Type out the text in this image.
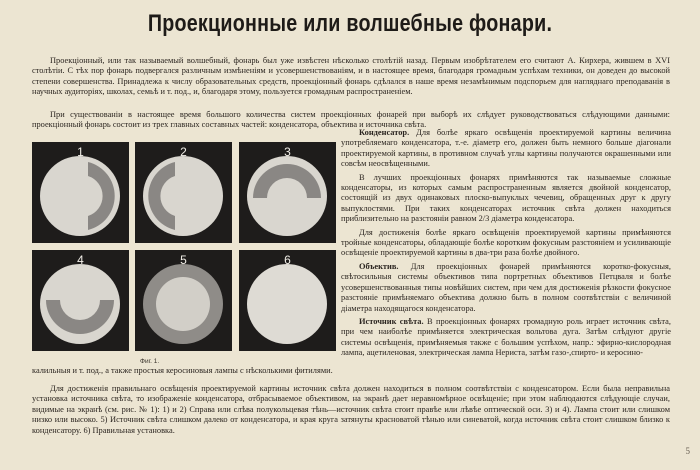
Проекционные или волшебные фонари.

Проекціонный, или так называемый волшебный, фонарь был уже извѣстен нѣсколько столѣтій назад. Первым изобрѣтателем его считают А. Кирхера, жившем в XVI столѣтіи. С тѣх пор фонарь подвергался различным измѣненіям и усовершенствованіям, и в настоящее время, благодаря громадным успѣхам техники, он доведен до высокой степени совершенства. Принадлежа к числу образовательных средств, проекціонный фонарь сдѣлался в наше время незамѣнимым подспорьем для нагляднаго преподаванія в научных аудиторіях, школах, семьѣ и т. под., и, благодаря этому, пользуется громадным распространеніем.

При существованіи в настоящее время большого количества систем проекціонных фонарей при выборѣ их слѣдует руководствоваться слѣдующими данными: проекціонный фонарь состоит из трех главных составных частей: конденсатора, объектива и источника свѣта.

1	2	3
4	5	6
Фиг. 1.

Конденсатор. Для болѣе яркаго освѣщенія проектируемой картины величина употребляемаго конденсатора, т.-е. діаметр его, должен быть немного больше діагонали проектируемой картины, в противном случаѣ углы картины получаются окрашенными или совсѣм неосвѣщенными.

В лучших проекціонных фонарях примѣняются так называемые сложные конденсаторы, из которых самым распространенным является двойной конденсатор, состоящій из двух одинаковых плоско-выпуклых чечевиц, обращенных друг к другу выпуклостями. При таких конденсаторах источник свѣта должен находиться приблизительно на разстояніи равном 2/3 діаметра конденсатора.

Для достиженія болѣе яркаго освѣщенія проектируемой картины примѣняются тройные конденсаторы, обладающіе болѣе коротким фокусным разстояніем и усиливающіе освѣщеніе проектируемой картины в два-три раза болѣе двойного.

Объектив. Для проекціонных фонарей примѣняются коротко-фокусныя, свѣтосильныя системы объективов типа портретных объективов Петцваля и болѣе усовершенствованныя типы новѣйших систем, при чем для достиженія рѣзкости фокусное разстояніе примѣняемаго объектива должно быть в полном соотвѣтствіи с величиной діаметра находящагося конденсатора.

Источник свѣта. В проекціонных фонарях громадную роль играет источник свѣта, при чем наиболѣе примѣняется электрическая вольтова дуга. Затѣм слѣдуют другіе системы освѣщенія, примѣняемыя также с большим успѣхом, напр.: эфирно-кислородная лампа, ацетиленовая, электрическая лампа Нериста, затѣм газо-,спирто- и керосино-

калильныя и т. под., а также простыя керосиновыя лампы с нѣсколькими фитилями.

Для достиженія правильнаго освѣщенія проектируемой картины источник свѣта должен находиться в полном соотвѣтствіи с конденсатором. Если была неправильна установка источника свѣта, то изображеніе конденсатора, отбрасываемое объективом, на экранѣ дает неравномѣрное освѣщеніе; при этом наблюдаются слѣдующіе случаи, видимые на экранѣ (см. рис. № 1): 1) и 2) Справа или слѣва полукольцевая тѣнь—источник свѣта стоит правѣе или лѣвѣе оптической оси. 3) и 4). Лампа стоит или слишком низко или высоко. 5) Источник свѣта слишком далеко от конденсатора, и края круга затянуты красноватой тѣнью или синеватой, когда источник свѣта стоит слишком близко к конденсатору. 6) Правильная установка.

5
